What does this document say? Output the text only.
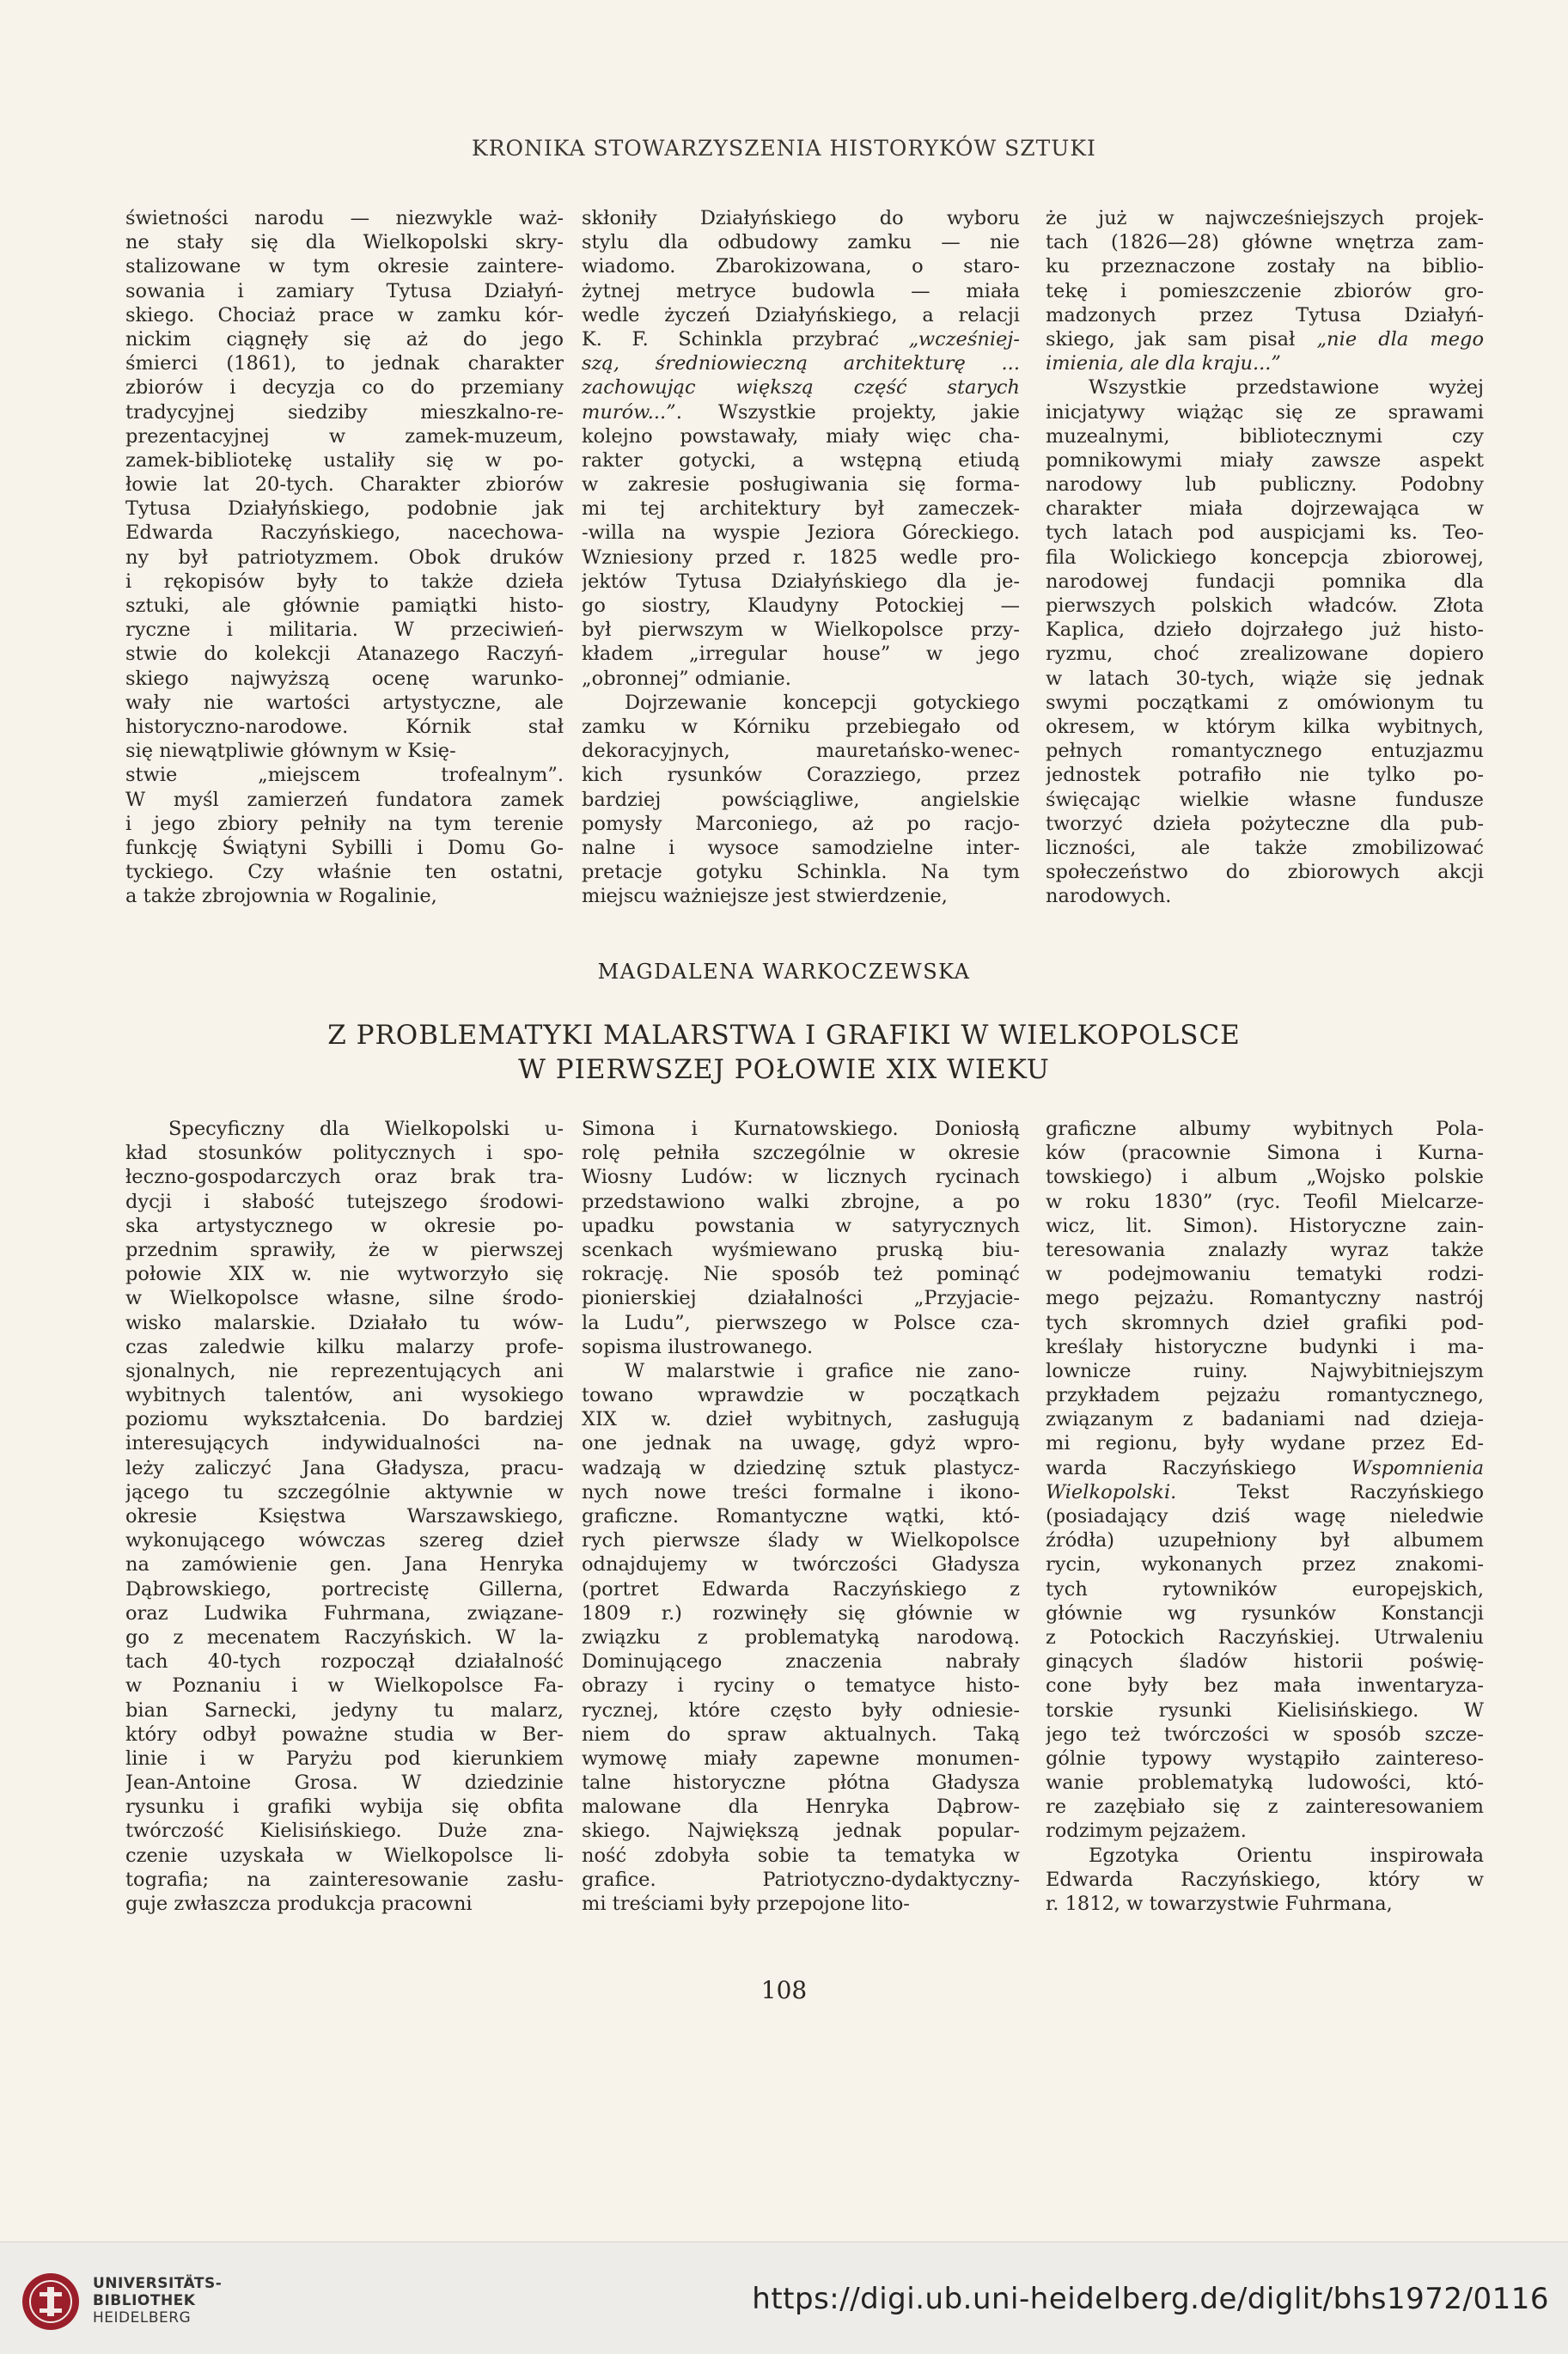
KRONIKA STOWARZYSZENIA HISTORYKÓW SZTUKI
świetności narodu — niezwykle waż-
ne stały się dla Wielkopolski skry-
stalizowane w tym okresie zaintere-
sowania i zamiary Tytusa Działyń-
skiego. Chociaż prace w zamku kór-
nickim ciągnęły się aż do jego
śmierci (1861), to jednak charakter
zbiorów i decyzja co do przemiany
tradycyjnej siedziby mieszkalno-re-
prezentacyjnej w zamek-muzeum,
zamek-bibliotekę ustaliły się w po-
łowie lat 20-tych. Charakter zbiorów
Tytusa Działyńskiego, podobnie jak
Edwarda Raczyńskiego, nacechowa-
ny był patriotyzmem. Obok druków
i rękopisów były to także dzieła
sztuki, ale głównie pamiątki histo-
ryczne i militaria. W przeciwień-
stwie do kolekcji Atanazego Raczyń-
skiego najwyższą ocenę warunko-
wały nie wartości artystyczne, ale
historyczno-narodowe. Kórnik stał
się niewątpliwie głównym w Księ-
stwie „miejscem trofealnym”.
W myśl zamierzeń fundatora zamek
i jego zbiory pełniły na tym terenie
funkcję Świątyni Sybilli i Domu Go-
tyckiego. Czy właśnie ten ostatni,
a także zbrojownia w Rogalinie,
skłoniły Działyńskiego do wyboru
stylu dla odbudowy zamku — nie
wiadomo. Zbarokizowana, o staro-
żytnej metryce budowla — miała
wedle życzeń Działyńskiego, a relacji
K. F. Schinkla przybrać „wcześniej-
szą, średniowieczną architekturę ...
zachowując większą część starych
murów...”. Wszystkie projekty, jakie
kolejno powstawały, miały więc cha-
rakter gotycki, a wstępną etiudą
w zakresie posługiwania się forma-
mi tej architektury był zameczek-
-willa na wyspie Jeziora Góreckiego.
Wzniesiony przed r. 1825 wedle pro-
jektów Tytusa Działyńskiego dla je-
go siostry, Klaudyny Potockiej —
był pierwszym w Wielkopolsce przy-
kładem „irregular house” w jego
„obronnej” odmianie.
Dojrzewanie koncepcji gotyckiego
zamku w Kórniku przebiegało od
dekoracyjnych, mauretańsko-wenec-
kich rysunków Corazziego, przez
bardziej powściągliwe, angielskie
pomysły Marconiego, aż po racjo-
nalne i wysoce samodzielne inter-
pretacje gotyku Schinkla. Na tym
miejscu ważniejsze jest stwierdzenie,
że już w najwcześniejszych projek-
tach (1826—28) główne wnętrza zam-
ku przeznaczone zostały na biblio-
tekę i pomieszczenie zbiorów gro-
madzonych przez Tytusa Działyń-
skiego, jak sam pisał „nie dla mego
imienia, ale dla kraju...”
Wszystkie przedstawione wyżej
inicjatywy wiążąc się ze sprawami
muzealnymi, bibliotecznymi czy
pomnikowymi miały zawsze aspekt
narodowy lub publiczny. Podobny
charakter miała dojrzewająca w
tych latach pod auspicjami ks. Teo-
fila Wolickiego koncepcja zbiorowej,
narodowej fundacji pomnika dla
pierwszych polskich władców. Złota
Kaplica, dzieło dojrzałego już histo-
ryzmu, choć zrealizowane dopiero
w latach 30-tych, wiąże się jednak
swymi początkami z omówionym tu
okresem, w którym kilka wybitnych,
pełnych romantycznego entuzjazmu
jednostek potrafiło nie tylko po-
święcając wielkie własne fundusze
tworzyć dzieła pożyteczne dla pub-
liczności, ale także zmobilizować
społeczeństwo do zbiorowych akcji
narodowych.
MAGDALENA WARKOCZEWSKA
Z PROBLEMATYKI MALARSTWA I GRAFIKI W WIELKOPOLSCE
W PIERWSZEJ POŁOWIE XIX WIEKU
Specyficzny dla Wielkopolski u-
kład stosunków politycznych i spo-
łeczno-gospodarczych oraz brak tra-
dycji i słabość tutejszego środowi-
ska artystycznego w okresie po-
przednim sprawiły, że w pierwszej
połowie XIX w. nie wytworzyło się
w Wielkopolsce własne, silne środo-
wisko malarskie. Działało tu wów-
czas zaledwie kilku malarzy profe-
sjonalnych, nie reprezentujących ani
wybitnych talentów, ani wysokiego
poziomu wykształcenia. Do bardziej
interesujących indywidualności na-
leży zaliczyć Jana Gładysza, pracu-
jącego tu szczególnie aktywnie w
okresie Księstwa Warszawskiego,
wykonującego wówczas szereg dzieł
na zamówienie gen. Jana Henryka
Dąbrowskiego, portrecistę Gillerna,
oraz Ludwika Fuhrmana, związane-
go z mecenatem Raczyńskich. W la-
tach 40-tych rozpoczął działalność
w Poznaniu i w Wielkopolsce Fa-
bian Sarnecki, jedyny tu malarz,
który odbył poważne studia w Ber-
linie i w Paryżu pod kierunkiem
Jean-Antoine Grosa. W dziedzinie
rysunku i grafiki wybija się obfita
twórczość Kielisińskiego. Duże zna-
czenie uzyskała w Wielkopolsce li-
tografia; na zainteresowanie zasłu-
guje zwłaszcza produkcja pracowni
Simona i Kurnatowskiego. Doniosłą
rolę pełniła szczególnie w okresie
Wiosny Ludów: w licznych rycinach
przedstawiono walki zbrojne, a po
upadku powstania w satyrycznych
scenkach wyśmiewano pruską biu-
rokrację. Nie sposób też pominąć
pionierskiej działalności „Przyjacie-
la Ludu”, pierwszego w Polsce cza-
sopisma ilustrowanego.
W malarstwie i grafice nie zano-
towano wprawdzie w początkach
XIX w. dzieł wybitnych, zasługują
one jednak na uwagę, gdyż wpro-
wadzają w dziedzinę sztuk plastycz-
nych nowe treści formalne i ikono-
graficzne. Romantyczne wątki, któ-
rych pierwsze ślady w Wielkopolsce
odnajdujemy w twórczości Gładysza
(portret Edwarda Raczyńskiego z
1809 r.) rozwinęły się głównie w
związku z problematyką narodową.
Dominującego znaczenia nabrały
obrazy i ryciny o tematyce histo-
rycznej, które często były odniesie-
niem do spraw aktualnych. Taką
wymowę miały zapewne monumen-
talne historyczne płótna Gładysza
malowane dla Henryka Dąbrow-
skiego. Największą jednak popular-
ność zdobyła sobie ta tematyka w
grafice. Patriotyczno-dydaktyczny-
mi treściami były przepojone lito-
graficzne albumy wybitnych Pola-
ków (pracownie Simona i Kurna-
towskiego) i album „Wojsko polskie
w roku 1830” (ryc. Teofil Mielcarze-
wicz, lit. Simon). Historyczne zain-
teresowania znalazły wyraz także
w podejmowaniu tematyki rodzi-
mego pejzażu. Romantyczny nastrój
tych skromnych dzieł grafiki pod-
kreślały historyczne budynki i ma-
lownicze ruiny. Najwybitniejszym
przykładem pejzażu romantycznego,
związanym z badaniami nad dzieja-
mi regionu, były wydane przez Ed-
warda Raczyńskiego Wspomnienia
Wielkopolski. Tekst Raczyńskiego
(posiadający dziś wagę nieledwie
źródła) uzupełniony był albumem
rycin, wykonanych przez znakomi-
tych rytowników europejskich,
głównie wg rysunków Konstancji
z Potockich Raczyńskiej. Utrwaleniu
ginących śladów historii poświę-
cone były bez mała inwentaryza-
torskie rysunki Kielisińskiego. W
jego też twórczości w sposób szcze-
gólnie typowy wystąpiło zaintereso-
wanie problematyką ludowości, któ-
re zazębiało się z zainteresowaniem
rodzimym pejzażem.
Egzotyka Orientu inspirowała
Edwarda Raczyńskiego, który w
r. 1812, w towarzystwie Fuhrmana,
108
UNIVERSITÄTS-
BIBLIOTHEK
HEIDELBERG
https://digi.ub.uni-heidelberg.de/diglit/bhs1972/0116
